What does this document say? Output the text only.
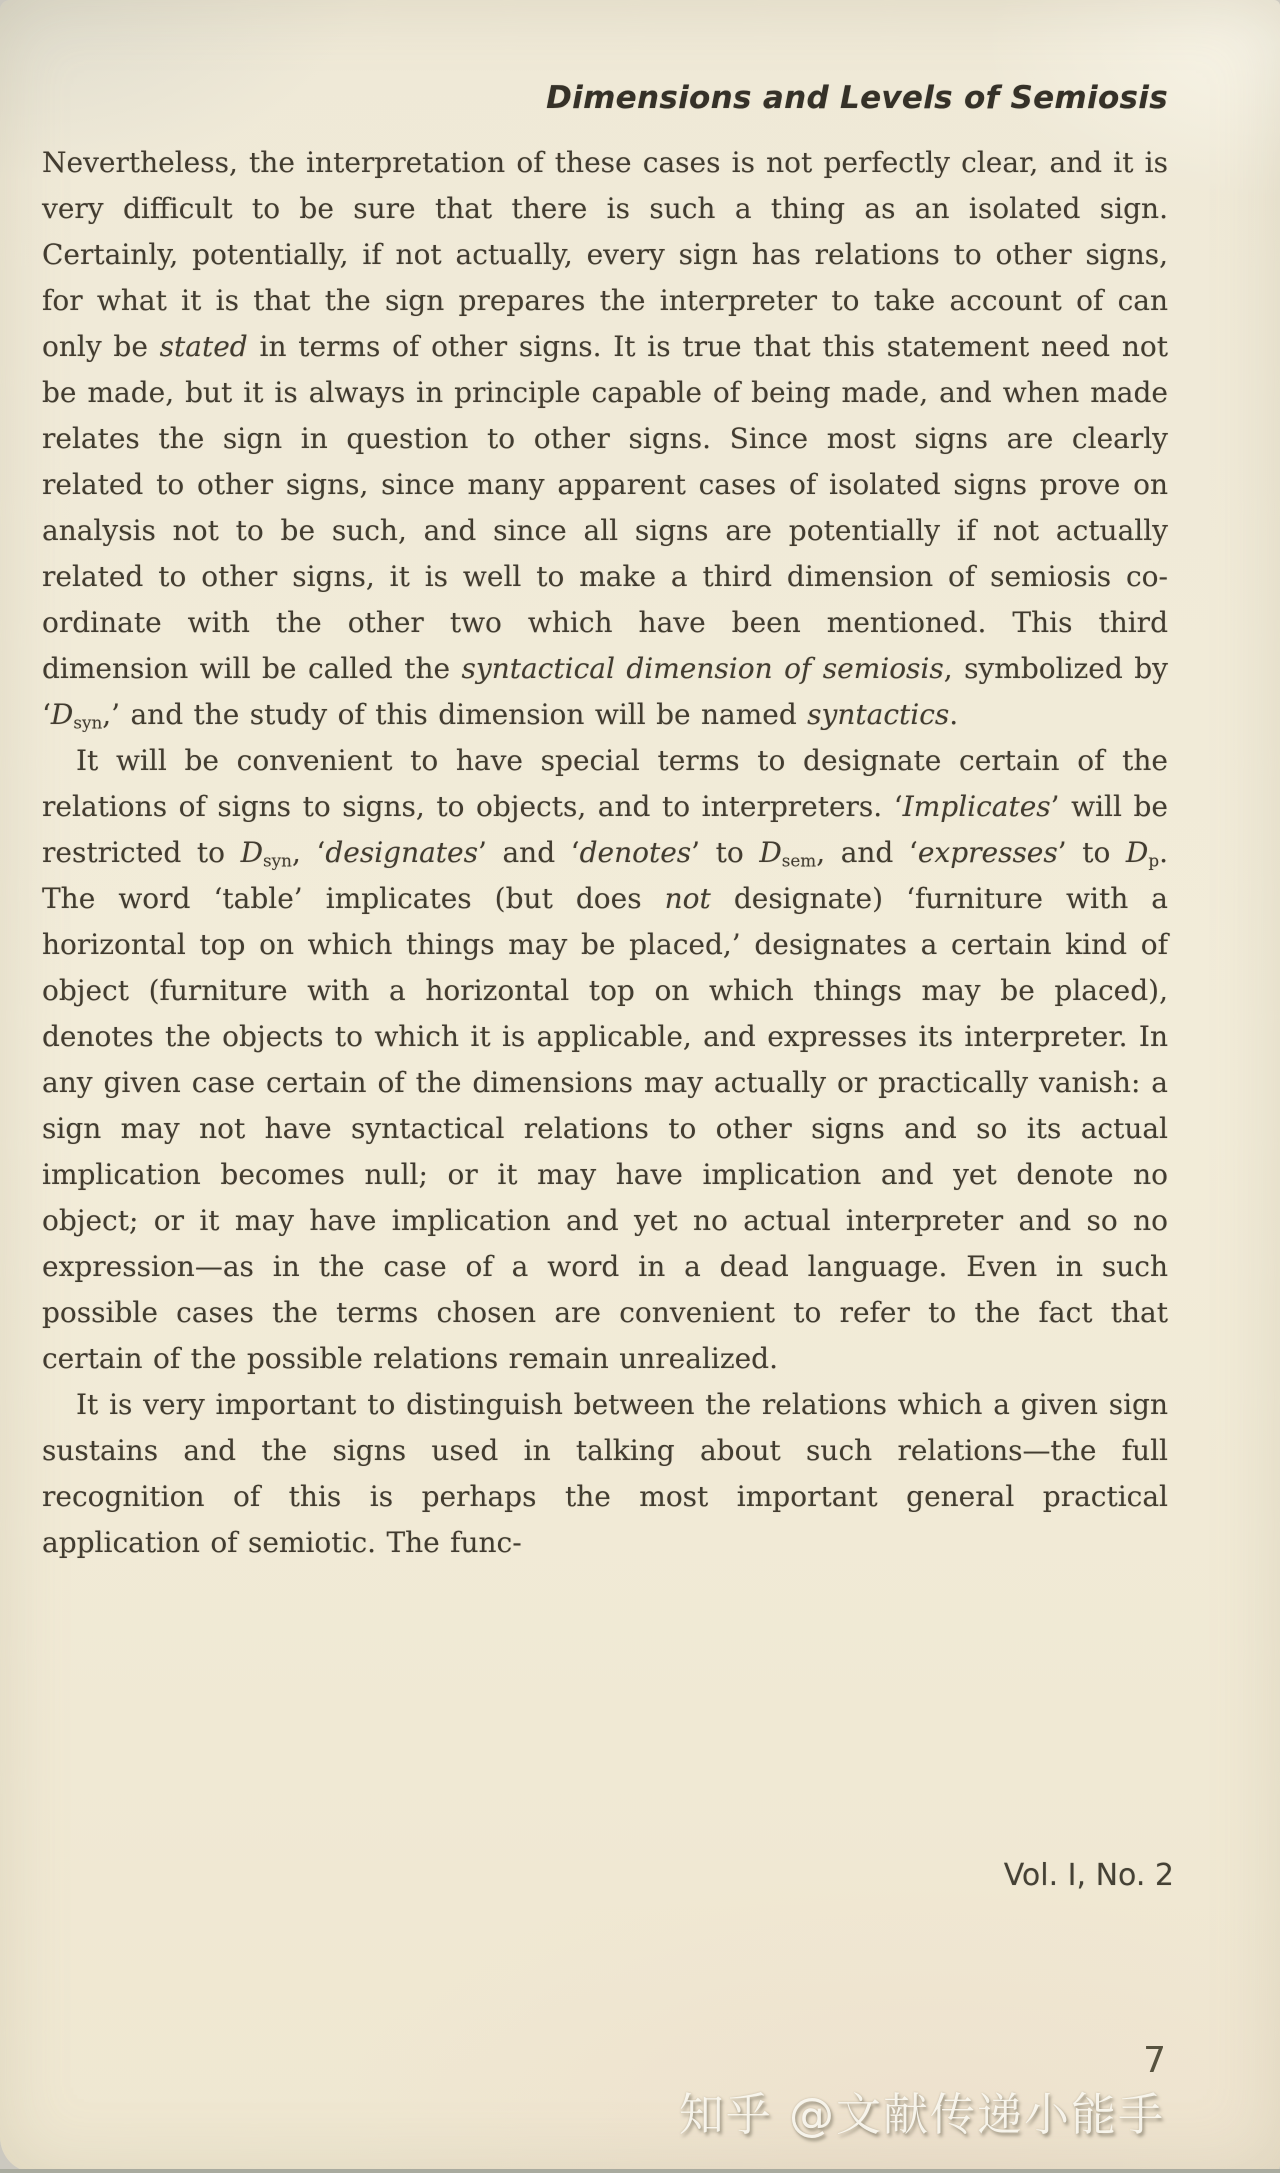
Dimensions and Levels of Semiosis

Nevertheless, the interpretation of these cases is not perfectly clear, and it is very difficult to be sure that there is such a thing as an isolated sign. Certainly, potentially, if not actually, every sign has relations to other signs, for what it is that the sign prepares the interpreter to take account of can only be stated in terms of other signs. It is true that this statement need not be made, but it is always in principle capable of being made, and when made relates the sign in question to other signs. Since most signs are clearly related to other signs, since many apparent cases of isolated signs prove on analysis not to be such, and since all signs are potentially if not actually related to other signs, it is well to make a third dimension of semiosis co-ordinate with the other two which have been mentioned. This third dimension will be called the syntactical dimension of semiosis, symbolized by ‘$D_{syn}$,’ and the study of this dimension will be named syntactics.

It will be convenient to have special terms to designate certain of the relations of signs to signs, to objects, and to interpreters. ‘Implicates’ will be restricted to $D_{syn}$, ‘designates’ and ‘denotes’ to $D_{sem}$, and ‘expresses’ to $D_p$. The word ‘table’ implicates (but does not designate) ‘furniture with a horizontal top on which things may be placed,’ designates a certain kind of object (furniture with a horizontal top on which things may be placed), denotes the objects to which it is applicable, and expresses its interpreter. In any given case certain of the dimensions may actually or practically vanish: a sign may not have syntactical relations to other signs and so its actual implication becomes null; or it may have implication and yet denote no object; or it may have implication and yet no actual interpreter and so no expression—as in the case of a word in a dead language. Even in such possible cases the terms chosen are convenient to refer to the fact that certain of the possible relations remain unrealized.

It is very important to distinguish between the relations which a given sign sustains and the signs used in talking about such relations—the full recognition of this is perhaps the most important general practical application of semiotic. The func-

Vol. I, No. 2
7
知乎 @文献传递小能手
